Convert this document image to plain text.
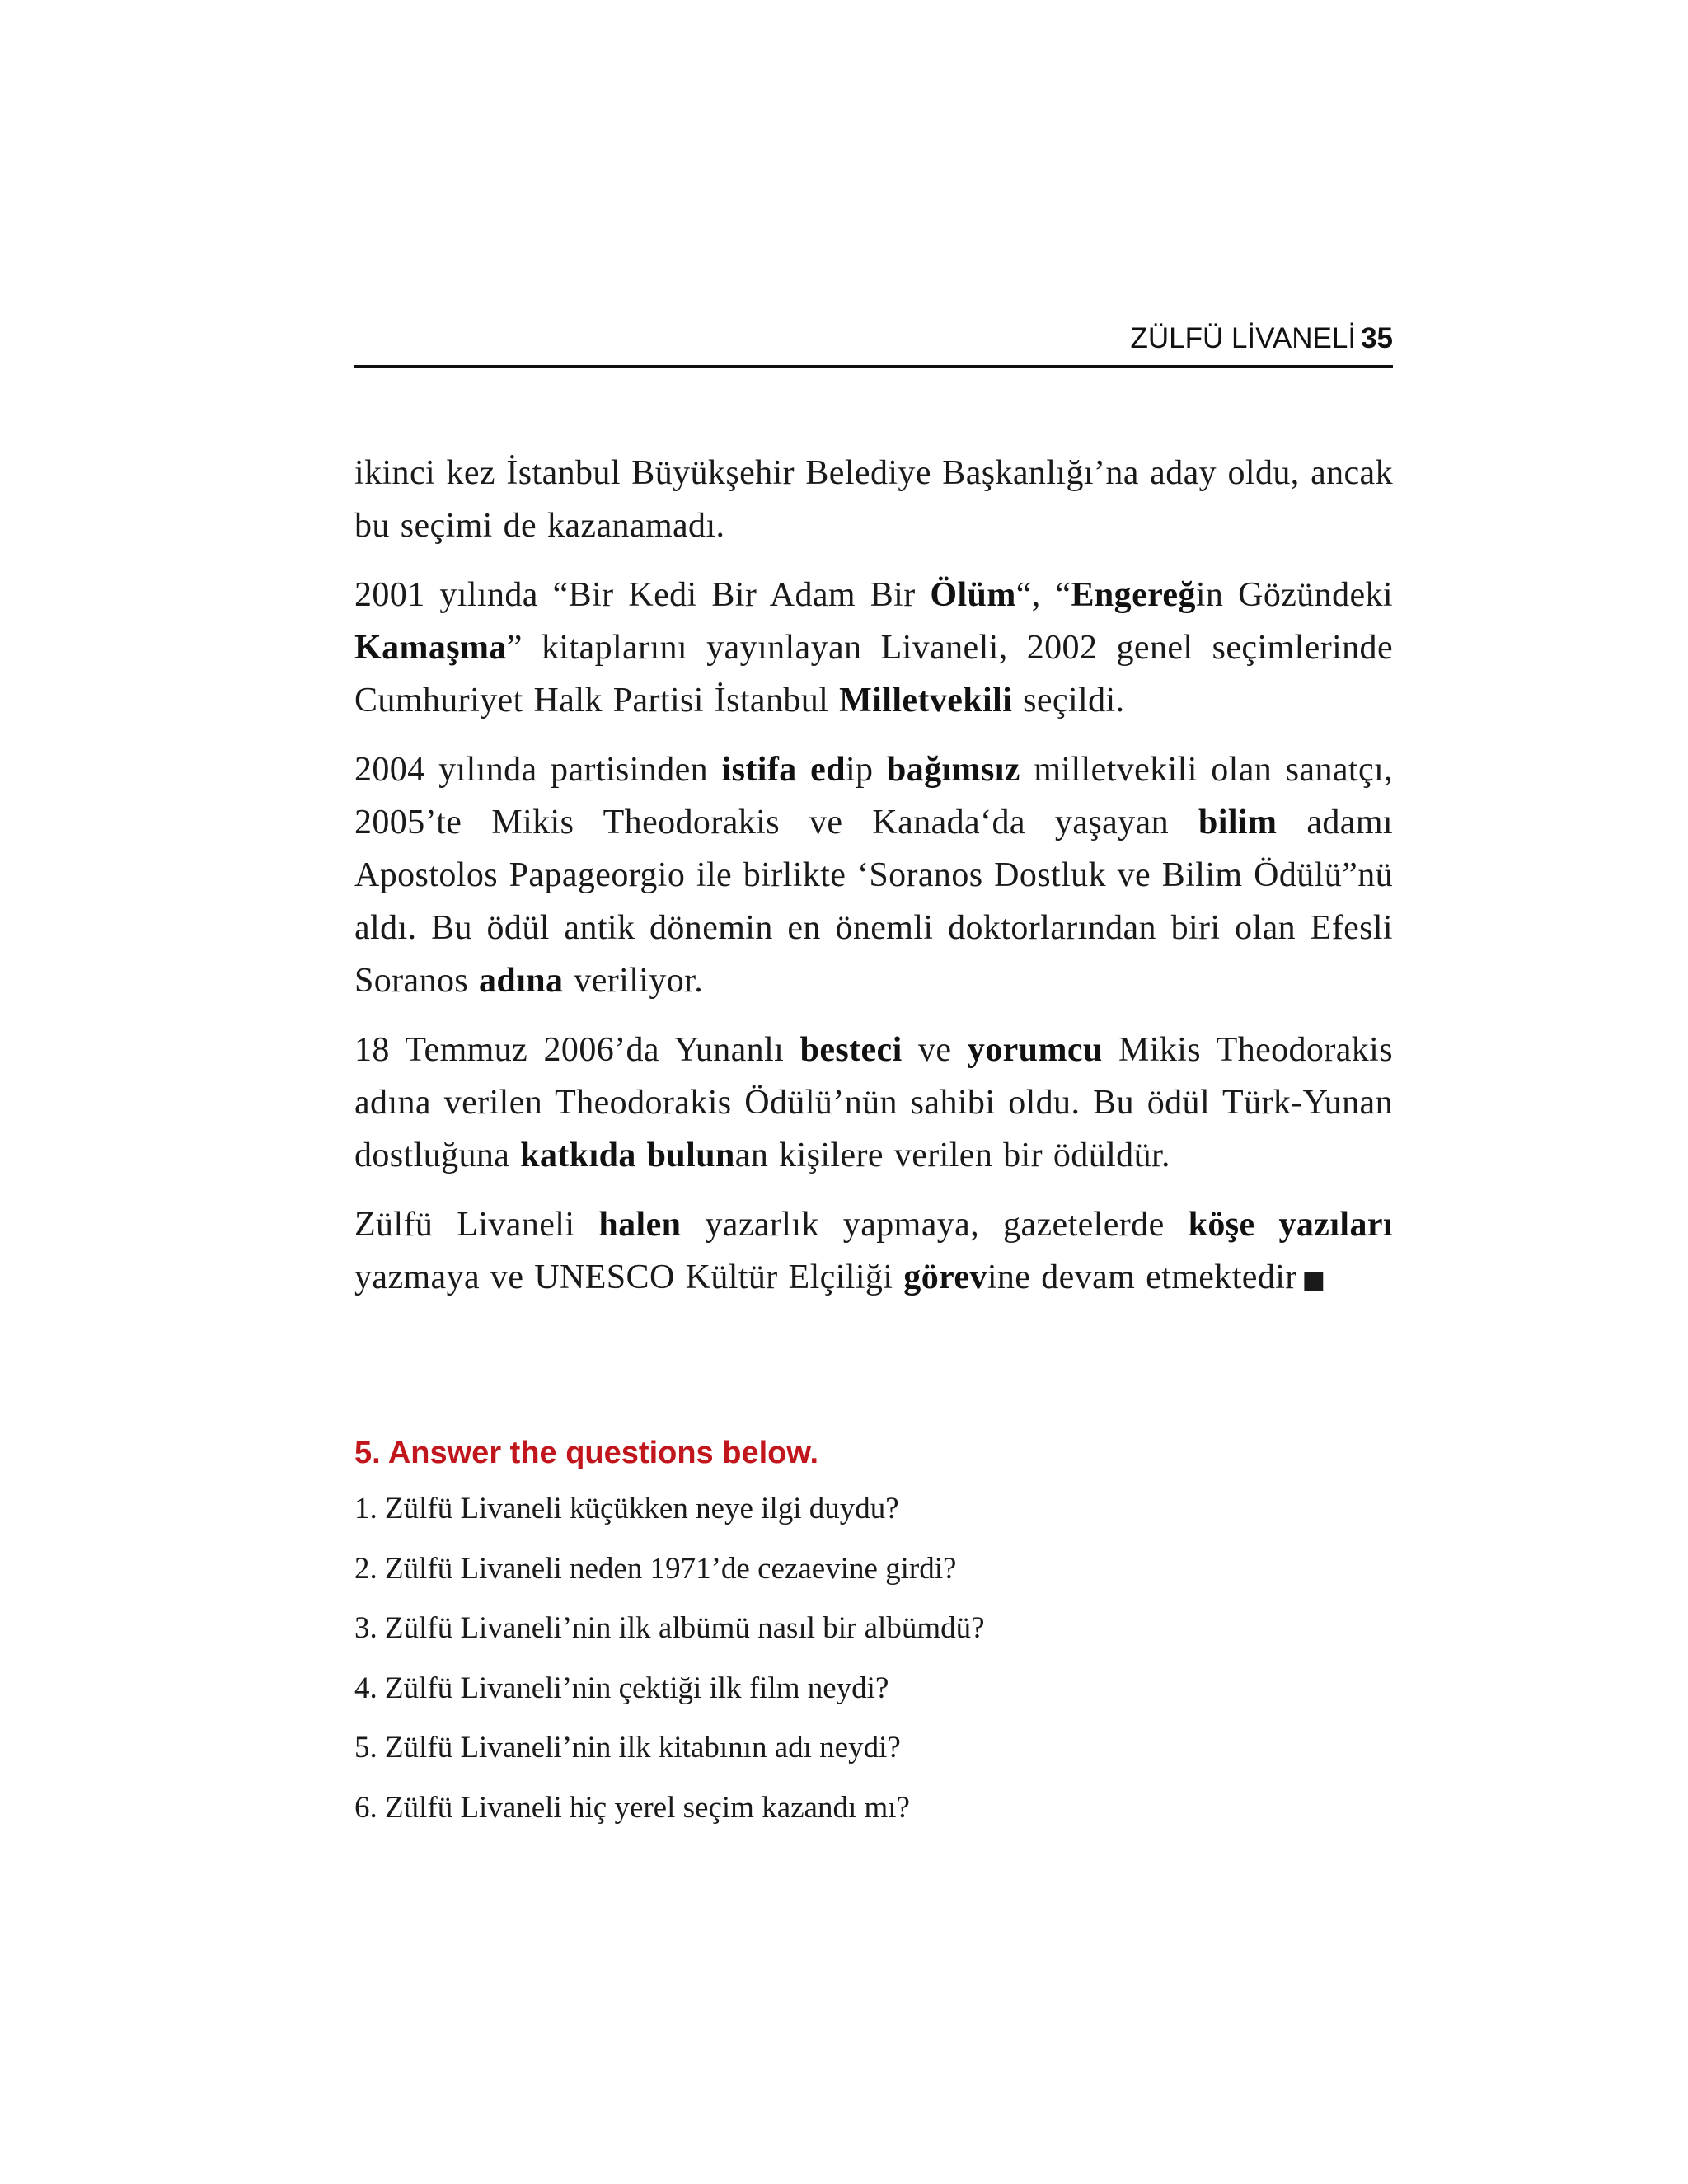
ZÜLFÜ LİVANELİ 35

ikinci kez İstanbul Büyükşehir Belediye Başkanlığı’na aday oldu, ancak bu seçimi de kazanamadı.

2001 yılında “Bir Kedi Bir Adam Bir Ölüm“, “Engereğin Gözündeki Kamaşma” kitaplarını yayınlayan Livaneli, 2002 genel seçimlerinde Cumhuriyet Halk Partisi İstanbul Milletvekili seçildi.

2004 yılında partisinden istifa edip bağımsız milletvekili olan sanatçı, 2005’te Mikis Theodorakis ve Kanada‘da yaşayan bilim adamı Apostolos Papageorgio ile birlikte ‘Soranos Dostluk ve Bilim Ödülü”nü aldı. Bu ödül antik dönemin en önemli doktorlarından biri olan Efesli Soranos adına veriliyor.

18 Temmuz 2006’da Yunanlı besteci ve yorumcu Mikis Theodorakis adına verilen Theodorakis Ödülü’nün sahibi oldu. Bu ödül Türk-Yunan dostluğuna katkıda bulunan kişilere verilen bir ödüldür.

Zülfü Livaneli halen yazarlık yapmaya, gazetelerde köşe yazıları yazmaya ve UNESCO Kültür Elçiliği görevine devam etmektedir ■

5. Answer the questions below.
1. Zülfü Livaneli küçükken neye ilgi duydu?
2. Zülfü Livaneli neden 1971’de cezaevine girdi?
3. Zülfü Livaneli’nin ilk albümü nasıl bir albümdü?
4. Zülfü Livaneli’nin çektiği ilk film neydi?
5. Zülfü Livaneli’nin ilk kitabının adı neydi?
6. Zülfü Livaneli hiç yerel seçim kazandı mı?
